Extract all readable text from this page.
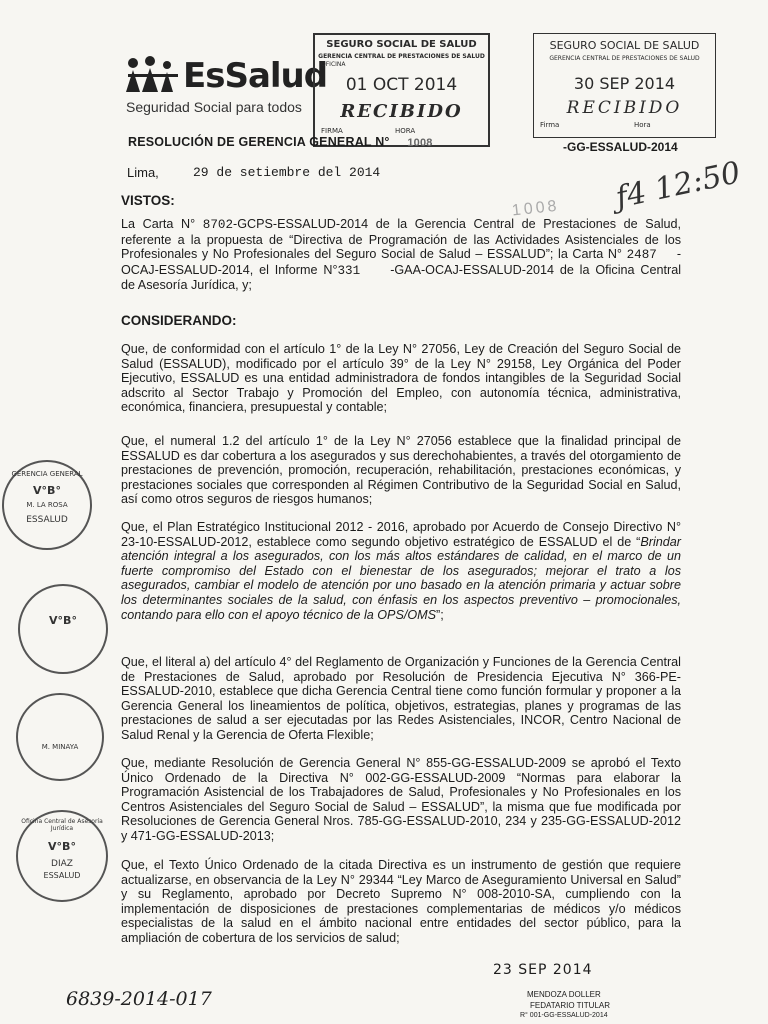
EsSalud
Seguridad Social para todos
SEGURO SOCIAL DE SALUD
GERENCIA CENTRAL DE PRESTACIONES DE SALUD
OFICINA
01 OCT 2014
RECIBIDO
FIRMA	HORA
SEGURO SOCIAL DE SALUD
GERENCIA CENTRAL DE PRESTACIONES DE SALUD
30 SEP 2014
RECIBIDO
Firma	Hora
1008 ƒ4 12:50
RESOLUCIÓN DE GERENCIA GENERAL N° 1008	-GG-ESSALUD-2014
Lima,	29 de setiembre del 2014
VISTOS:
La Carta N° 8702-GCPS-ESSALUD-2014 de la Gerencia Central de Prestaciones de Salud, referente a la propuesta de “Directiva de Programación de las Actividades Asistenciales de los Profesionales y No Profesionales del Seguro Social de Salud – ESSALUD”; la Carta N° 2487 -OCAJ-ESSALUD-2014, el Informe N°331 -GAA-OCAJ-ESSALUD-2014 de la Oficina Central de Asesoría Jurídica, y;
CONSIDERANDO:
Que, de conformidad con el artículo 1° de la Ley N° 27056, Ley de Creación del Seguro Social de Salud (ESSALUD), modificado por el artículo 39° de la Ley N° 29158, Ley Orgánica del Poder Ejecutivo, ESSALUD es una entidad administradora de fondos intangibles de la Seguridad Social adscrito al Sector Trabajo y Promoción del Empleo, con autonomía técnica, administrativa, económica, financiera, presupuestal y contable;
Que, el numeral 1.2 del artículo 1° de la Ley N° 27056 establece que la finalidad principal de ESSALUD es dar cobertura a los asegurados y sus derechohabientes, a través del otorgamiento de prestaciones de prevención, promoción, recuperación, rehabilitación, prestaciones económicas, y prestaciones sociales que corresponden al Régimen Contributivo de la Seguridad Social en Salud, así como otros seguros de riesgos humanos;
Que, el Plan Estratégico Institucional 2012 - 2016, aprobado por Acuerdo de Consejo Directivo N° 23-10-ESSALUD-2012, establece como segundo objetivo estratégico de ESSALUD el de “Brindar atención integral a los asegurados, con los más altos estándares de calidad, en el marco de un fuerte compromiso del Estado con el bienestar de los asegurados; mejorar el trato a los asegurados, cambiar el modelo de atención por uno basado en la atención primaria y actuar sobre los determinantes sociales de la salud, con énfasis en los aspectos preventivo – promocionales, contando para ello con el apoyo técnico de la OPS/OMS”;
Que, el literal a) del artículo 4° del Reglamento de Organización y Funciones de la Gerencia Central de Prestaciones de Salud, aprobado por Resolución de Presidencia Ejecutiva N° 366-PE-ESSALUD-2010, establece que dicha Gerencia Central tiene como función formular y proponer a la Gerencia General los lineamientos de política, objetivos, estrategias, planes y programas de las prestaciones de salud a ser ejecutadas por las Redes Asistenciales, INCOR, Centro Nacional de Salud Renal y la Gerencia de Oferta Flexible;
Que, mediante Resolución de Gerencia General N° 855-GG-ESSALUD-2009 se aprobó el Texto Único Ordenado de la Directiva N° 002-GG-ESSALUD-2009 “Normas para elaborar la Programación Asistencial de los Trabajadores de Salud, Profesionales y No Profesionales en los Centros Asistenciales del Seguro Social de Salud – ESSALUD”, la misma que fue modificada por Resoluciones de Gerencia General Nros. 785-GG-ESSALUD-2010, 234 y 235-GG-ESSALUD-2012 y 471-GG-ESSALUD-2013;
Que, el Texto Único Ordenado de la citada Directiva es un instrumento de gestión que requiere actualizarse, en observancia de la Ley N° 29344 “Ley Marco de Aseguramiento Universal en Salud” y su Reglamento, aprobado por Decreto Supremo N° 008-2010-SA, cumpliendo con la implementación de disposiciones de prestaciones complementarias de médicos y/o médicos especialistas de la salud en el ámbito nacional entre entidades del sector público, para la ampliación de cobertura de los servicios de salud;
GERENCIA GENERAL
V°B°
M. LA ROSA
ESSALUD
V°B°
M. MINAYA
Oficina Central de Asesoría Jurídica
V°B°
DIAZ
ESSALUD
6839-2014-017
23 SEP 2014
MENDOZA DOLLER
FEDATARIO TITULAR
R° 001-GG-ESSALUD-2014
